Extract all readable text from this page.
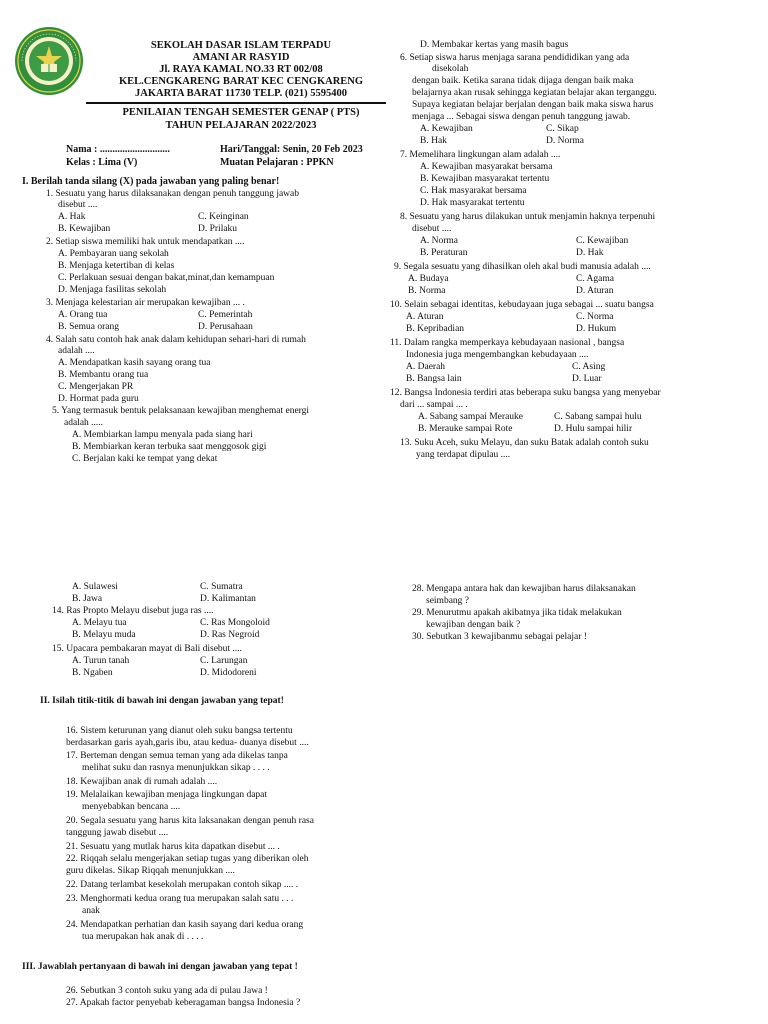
SEKOLAH DASAR ISLAM TERPADU
AMANI AR RASYID
Jl. RAYA KAMAL NO.33 RT 002/08
KEL.CENGKARENG BARAT KEC CENGKARENG
JAKARTA BARAT 11730 TELP. (021) 5595400
PENILAIAN TENGAH SEMESTER GENAP ( PTS)
TAHUN PELAJARAN 2022/2023
Nama : ............................	Hari/Tanggal: Senin, 20 Feb 2023
Kelas : Lima (V)	Muatan Pelajaran : PPKN
I. Berilah tanda silang (X) pada jawaban yang paling benar!
1. Sesuatu yang harus dilaksanakan dengan penuh tanggung jawab
disebut ....
A. Hak	C. Keinginan
B. Kewajiban	D. Prilaku
2. Setiap siswa memiliki hak untuk mendapatkan ....
A. Pembayaran uang sekolah
B. Menjaga ketertiban di kelas
C. Perlakuan sesuai dengan bakat,minat,dan kemampuan
D. Menjaga fasilitas sekolah
3. Menjaga kelestarian air merupakan kewajiban ... .
A. Orang tua	C. Pemerintah
B. Semua orang	D. Perusahaan
4. Salah satu contoh hak anak dalam kehidupan sehari-hari di rumah
adalah ....
A. Mendapatkan kasih sayang orang tua
B. Membantu orang tua
C. Mengerjakan PR
D. Hormat pada guru
5. Yang termasuk bentuk pelaksanaan kewajiban menghemat energi
adalah .....
A. Membiarkan lampu menyala pada siang hari
B. Membiarkan keran terbuka saat menggosok gigi
C. Berjalan kaki ke tempat yang dekat
D. Membakar kertas yang masih bagus
6. Setiap siswa harus menjaga sarana pendididikan yang ada
disekolah
dengan baik. Ketika sarana tidak dijaga dengan baik maka
belajarnya akan rusak sehingga kegiatan belajar akan terganggu.
Supaya kegiatan belajar berjalan dengan baik maka siswa harus
menjaga ... Sebagai siswa dengan penuh tanggung jawab.
A. Kewajiban	C. Sikap
B. Hak	D. Norma
7. Memelihara lingkungan alam adalah ....
A. Kewajiban masyarakat bersama
B. Kewajiban masyarakat tertentu
C. Hak masyarakat bersama
D. Hak masyarakat tertentu
8. Sesuatu yang harus dilakukan untuk menjamin haknya terpenuhi
disebut ....
A. Norma	C. Kewajiban
B. Peraturan	D. Hak
9. Segala sesuatu yang dihasilkan oleh akal budi manusia adalah ....
A. Budaya	C. Agama
B. Norma	D. Aturan
10. Selain sebagai identitas, kebudayaan juga sebagai ... suatu bangsa
A. Aturan	C. Norma
B. Kepribadian	D. Hukum
11. Dalam rangka memperkaya kebudayaan nasional , bangsa
Indonesia juga mengembangkan kebudayaan ....
A. Daerah	C. Asing
B. Bangsa lain	D. Luar
12. Bangsa Indonesia terdiri atas beberapa suku bangsa yang menyebar
dari ... sampai ... .
A. Sabang sampai Merauke	C. Sabang sampai hulu
B. Merauke sampai Rote	D. Hulu sampai hilir
13. Suku Aceh, suku Melayu, dan suku Batak adalah contoh suku
yang terdapat dipulau ....
A. Sulawesi	C. Sumatra
B. Jawa	D. Kalimantan
14. Ras Propto Melayu disebut juga ras ....
A. Melayu tua	C. Ras Mongoloid
B. Melayu muda	D. Ras Negroid
15. Upacara pembakaran mayat di Bali disebut ....
A. Turun tanah	C. Larungan
B. Ngaben	D. Midodoreni
II. Isilah titik-titik di bawah ini dengan jawaban yang tepat!
16. Sistem keturunan yang dianut oleh suku bangsa tertentu
berdasarkan garis ayah,garis ibu, atau kedua- duanya disebut ....
17. Berteman dengan semua teman yang ada dikelas tanpa
melihat suku dan rasnya menunjukkan sikap . . . .
18. Kewajiban anak di rumah adalah ....
19. Melalaikan kewajiban menjaga lingkungan dapat
menyebabkan bencana ....
20. Segala sesuatu yang harus kita laksanakan dengan penuh rasa
tanggung jawab disebut ....
21. Sesuatu yang mutlak harus kita dapatkan disebut ... .
22. Riqqah selalu mengerjakan setiap tugas yang diberikan oleh
guru dikelas. Sikap Riqqah menunjukkan ....
22. Datang terlambat kesekolah merupakan contoh sikap .... .
23. Menghormati kedua orang tua merupakan salah satu . . .
anak
24. Mendapatkan perhatian dan kasih sayang dari kedua orang
tua merupakan hak anak di . . . .
III. Jawablah pertanyaan di bawah ini dengan jawaban yang tepat !
26. Sebutkan 3 contoh suku yang ada di pulau Jawa !
27. Apakah factor penyebab keberagaman bangsa Indonesia ?
28. Mengapa antara hak dan kewajiban harus dilaksanakan
seimbang ?
29. Menurutmu apakah akibatnya jika tidak melakukan
kewajiban dengan baik ?
30. Sebutkan 3 kewajibanmu sebagai pelajar !
